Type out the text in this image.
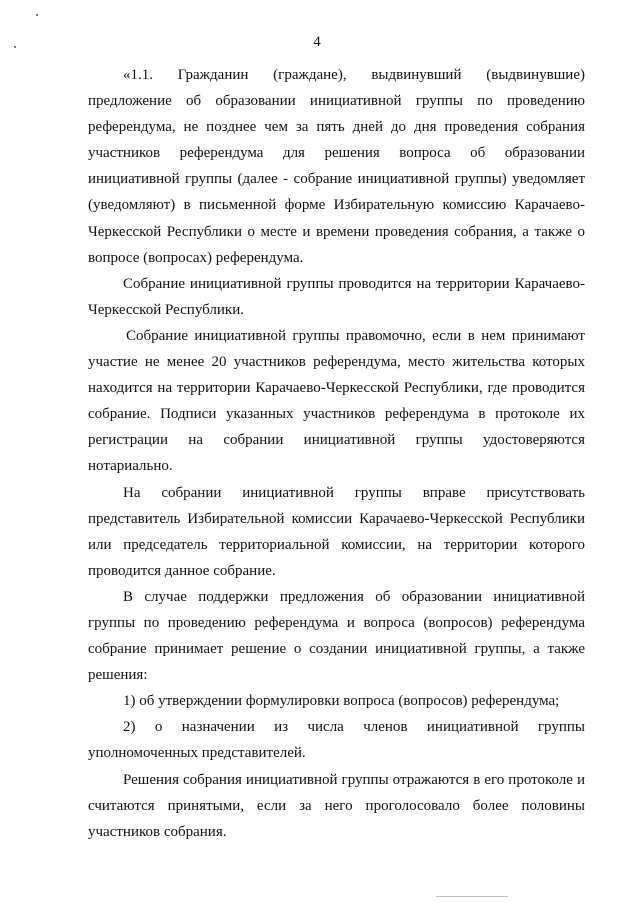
4

«1.1. Гражданин (граждане), выдвинувший (выдвинувшие) предложение об образовании инициативной группы по проведению референдума, не позднее чем за пять дней до дня проведения собрания участников референдума для решения вопроса об образовании инициативной группы (далее - собрание инициативной группы) уведомляет (уведомляют) в письменной форме Избирательную комиссию Карачаево-Черкесской Республики о месте и времени проведения собрания, а также о вопросе (вопросах) референдума.

Собрание инициативной группы проводится на территории Карачаево-Черкесской Республики.

Собрание инициативной группы правомочно, если в нем принимают участие не менее 20 участников референдума, место жительства которых находится на территории Карачаево-Черкесской Республики, где проводится собрание. Подписи указанных участников референдума в протоколе их регистрации на собрании инициативной группы удостоверяются нотариально.

На собрании инициативной группы вправе присутствовать представитель Избирательной комиссии Карачаево-Черкесской Республики или председатель территориальной комиссии, на территории которого проводится данное собрание.

В случае поддержки предложения об образовании инициативной группы по проведению референдума и вопроса (вопросов) референдума собрание принимает решение о создании инициативной группы, а также решения:

1) об утверждении формулировки вопроса (вопросов) референдума;

2) о назначении из числа членов инициативной группы уполномоченных представителей.

Решения собрания инициативной группы отражаются в его протоколе и считаются принятыми, если за него проголосовало более половины участников собрания.
